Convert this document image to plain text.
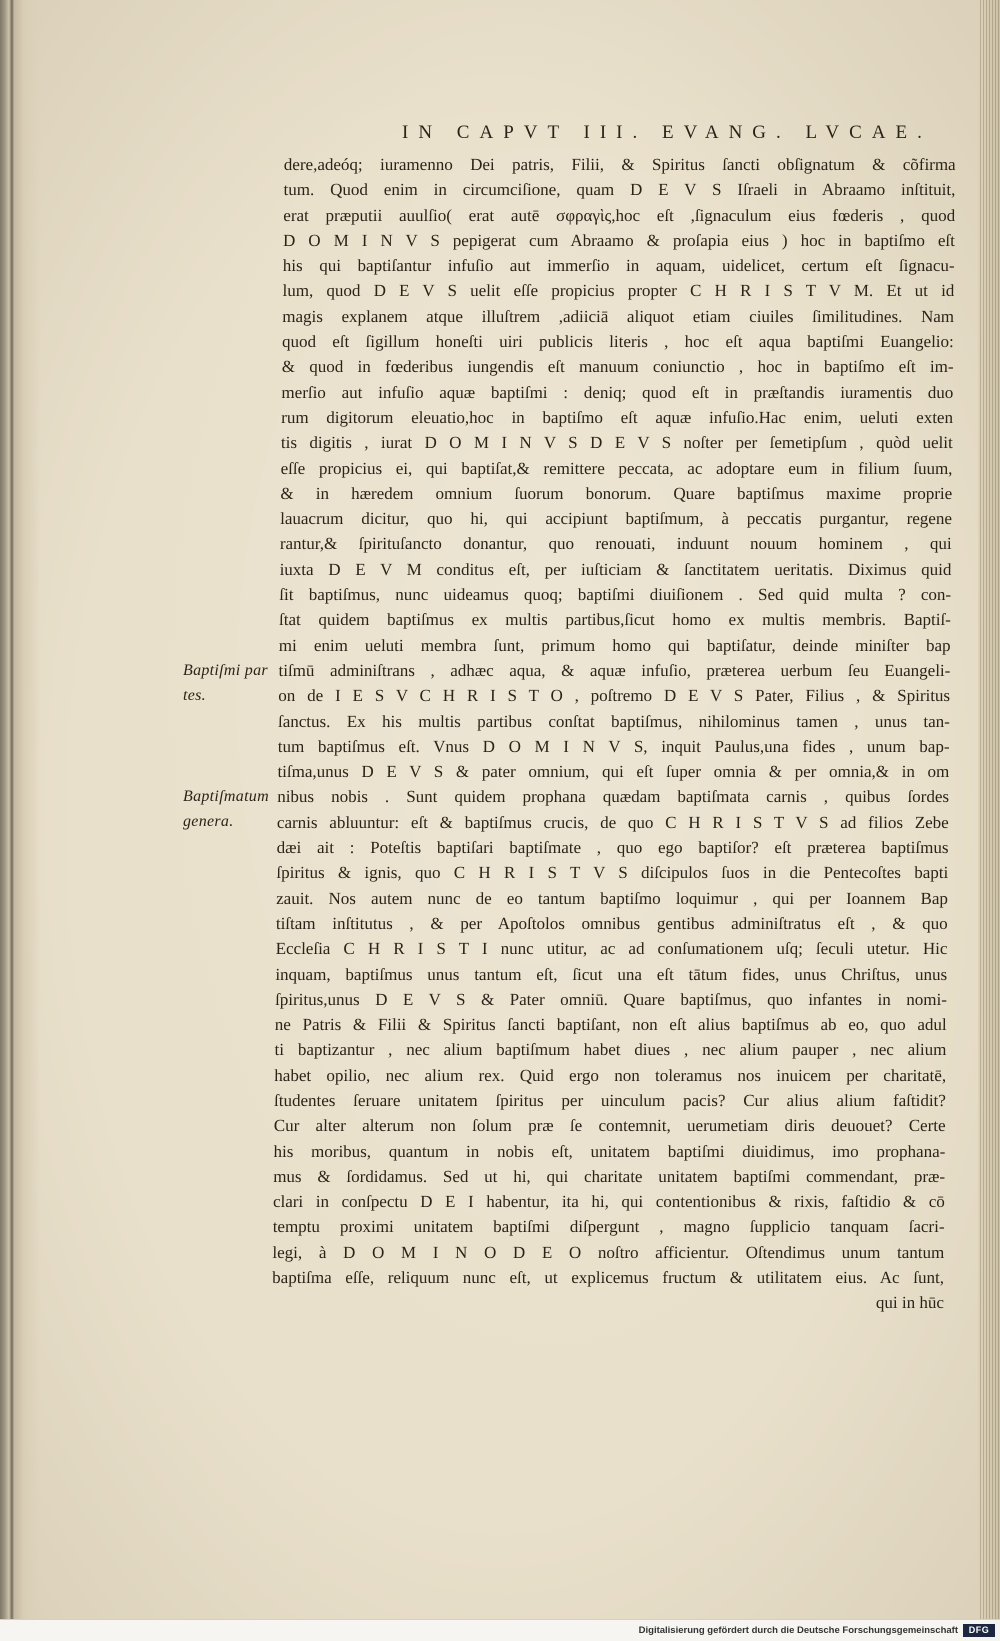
IN CAPVT III. EVANG. LVCAE.
Baptiſmi par
tes.
Baptiſmatum
genera.
dere,adeóq; iuramenno Dei patris, Filii, & Spiritus ſancti obſignatum & cõfirma
tum. Quod enim in circumciſione, quam D E V S Iſraeli in Abraamo inſtituit,
erat præputii auulſio( erat autē σφραγὶς,hoc eſt ,ſignaculum eius fœderis , quod
D O M I N V S pepigerat cum Abraamo & proſapia eius ) hoc in baptiſmo eſt
his qui baptiſantur infuſio aut immerſio in aquam, uidelicet, certum eſt ſignacu-
lum, quod D E V S uelit eſſe propicius propter C H R I S T V M. Et ut id
magis explanem atque illuſtrem ,adiiciā aliquot etiam ciuiles ſimilitudines. Nam
quod eſt ſigillum honeſti uiri publicis literis , hoc eſt aqua baptiſmi Euangelio:
& quod in fœderibus iungendis eſt manuum coniunctio , hoc in baptiſmo eſt im-
merſio aut infuſio aquæ baptiſmi : deniq; quod eſt in præſtandis iuramentis duo
rum digitorum eleuatio,hoc in baptiſmo eſt aquæ infuſio.Hac enim, ueluti exten
tis digitis , iurat D O M I N V S D E V S noſter per ſemetipſum , quòd uelit
eſſe propicius ei, qui baptiſat,& remittere peccata, ac adoptare eum in filium ſuum,
& in hæredem omnium ſuorum bonorum. Quare baptiſmus maxime proprie
lauacrum dicitur, quo hi, qui accipiunt baptiſmum, à peccatis purgantur, regene
rantur,& ſpirituſancto donantur, quo renouati, induunt nouum hominem , qui
iuxta D E V M conditus eſt, per iuſticiam & ſanctitatem ueritatis. Diximus quid
ſit baptiſmus, nunc uideamus quoq; baptiſmi diuiſionem . Sed quid multa ? con-
ſtat quidem baptiſmus ex multis partibus,ſicut homo ex multis membris. Baptiſ-
mi enim ueluti membra ſunt, primum homo qui baptiſatur, deinde miniſter bap
tiſmū adminiſtrans , adhæc aqua, & aquæ infuſio, præterea uerbum ſeu Euangeli-
on de I E S V C H R I S T O , poſtremo D E V S Pater, Filius , & Spiritus
ſanctus. Ex his multis partibus conſtat baptiſmus, nihilominus tamen , unus tan-
tum baptiſmus eſt. Vnus D O M I N V S, inquit Paulus,una fides , unum bap-
tiſma,unus D E V S & pater omnium, qui eſt ſuper omnia & per omnia,& in om
nibus nobis . Sunt quidem prophana quædam baptiſmata carnis , quibus ſordes
carnis abluuntur: eſt & baptiſmus crucis, de quo C H R I S T V S ad filios Zebe
dæi ait : Poteſtis baptiſari baptiſmate , quo ego baptiſor? eſt præterea baptiſmus
ſpiritus & ignis, quo C H R I S T V S diſcipulos ſuos in die Pentecoſtes bapti
zauit. Nos autem nunc de eo tantum baptiſmo loquimur , qui per Ioannem Bap
tiſtam inſtitutus , & per Apoſtolos omnibus gentibus adminiſtratus eſt , & quo
Eccleſia C H R I S T I nunc utitur, ac ad conſumationem uſq; ſeculi utetur. Hic
inquam, baptiſmus unus tantum eſt, ſicut una eſt tātum fides, unus Chriſtus, unus
ſpiritus,unus D E V S & Pater omniū. Quare baptiſmus, quo infantes in nomi-
ne Patris & Filii & Spiritus ſancti baptiſant, non eſt alius baptiſmus ab eo, quo adul
ti baptizantur , nec alium baptiſmum habet diues , nec alium pauper , nec alium
habet opilio, nec alium rex. Quid ergo non toleramus nos inuicem per charitatē,
ſtudentes ſeruare unitatem ſpiritus per uinculum pacis? Cur alius alium faſtidit?
Cur alter alterum non ſolum præ ſe contemnit, uerumetiam diris deuouet? Certe
his moribus, quantum in nobis eſt, unitatem baptiſmi diuidimus, imo prophana-
mus & ſordidamus. Sed ut hi, qui charitate unitatem baptiſmi commendant, præ-
clari in conſpectu D E I habentur, ita hi, qui contentionibus & rixis, faſtidio & cō
temptu proximi unitatem baptiſmi diſpergunt , magno ſupplicio tanquam ſacri-
legi, à D O M I N O D E O noſtro afficientur. Oſtendimus unum tantum
baptiſma eſſe, reliquum nunc eſt, ut explicemus fructum & utilitatem eius. Ac ſunt,
qui in hūc
Digitalisierung gefördert durch die Deutsche Forschungsgemeinschaft	DFG
